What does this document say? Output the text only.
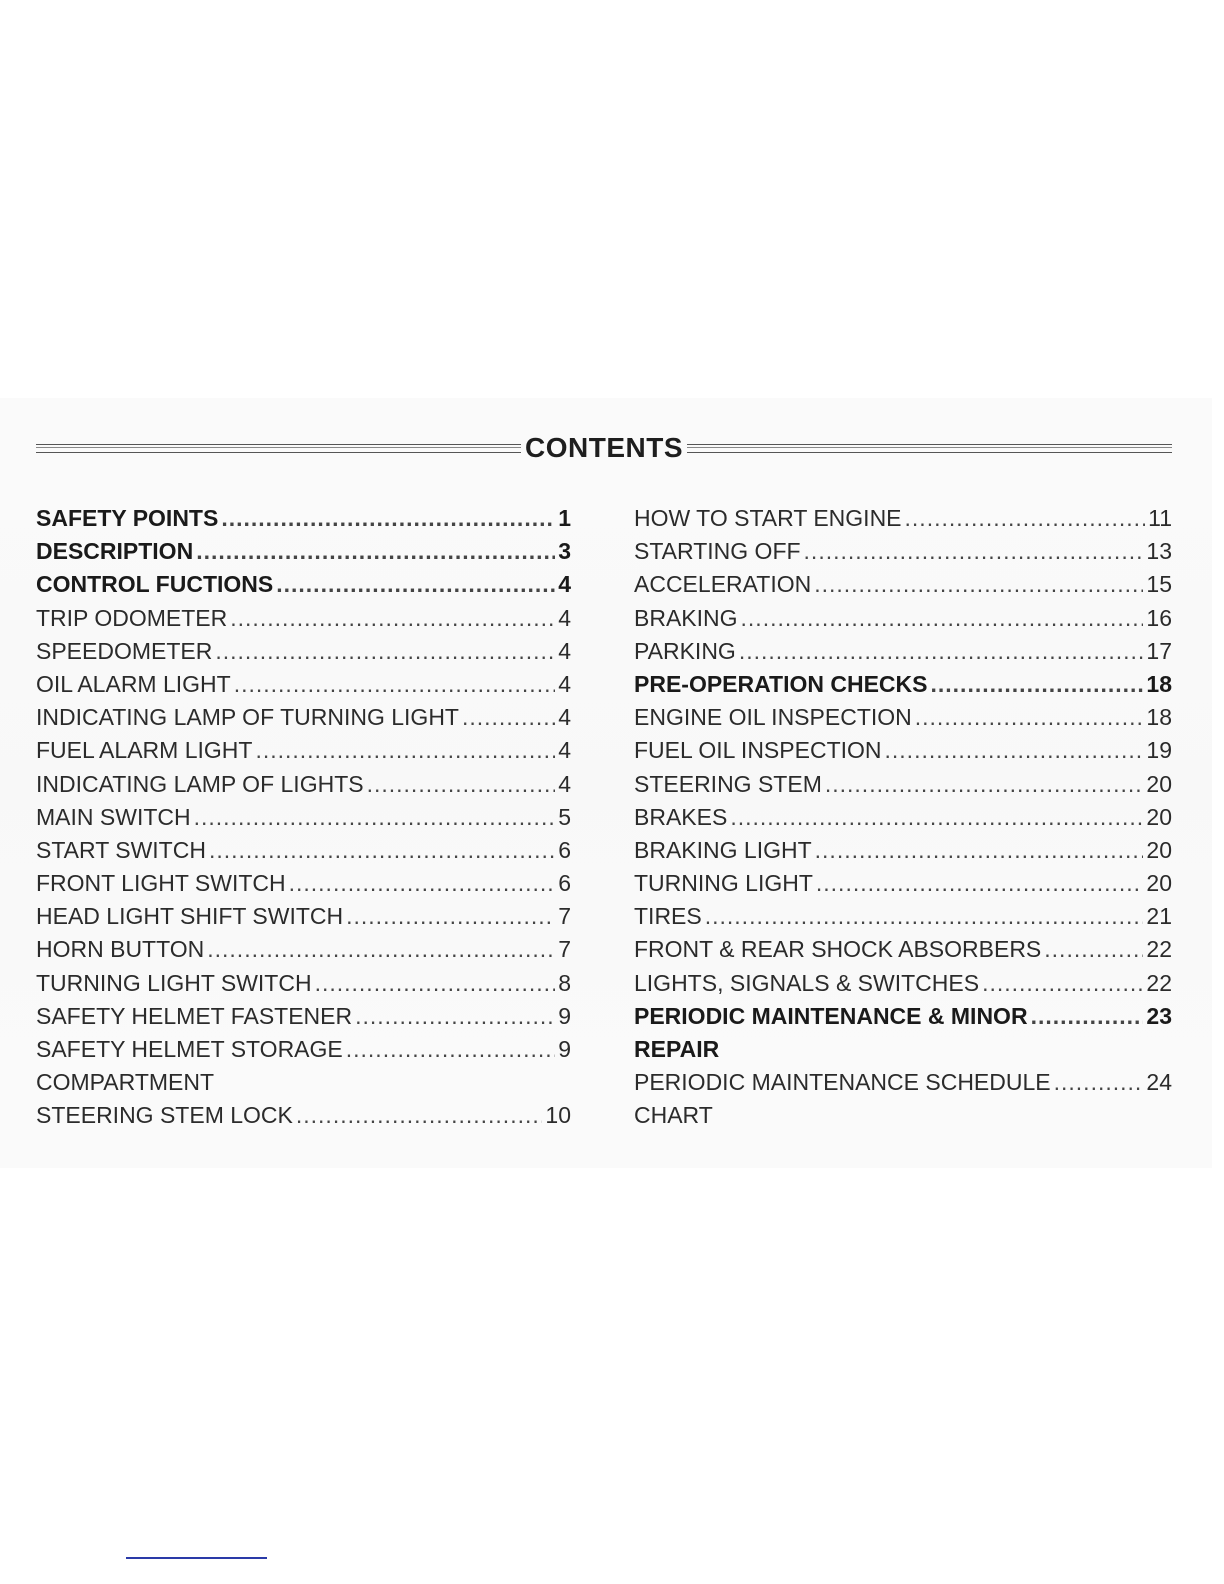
CONTENTS
SAFETY POINTS .....	1
DESCRIPTION .....	3
CONTROL FUCTIONS .....	4
TRIP ODOMETER .....	4
SPEEDOMETER .....	4
OIL ALARM LIGHT .....	4
INDICATING LAMP OF TURNING LIGHT .....	4
FUEL ALARM LIGHT .....	4
INDICATING LAMP OF LIGHTS .....	4
MAIN SWITCH .....	5
START SWITCH .....	6
FRONT LIGHT SWITCH .....	6
HEAD LIGHT SHIFT SWITCH .....	7
HORN BUTTON .....	7
TURNING LIGHT SWITCH .....	8
SAFETY HELMET FASTENER .....	9
SAFETY HELMET STORAGE .....	9
COMPARTMENT
STEERING STEM LOCK .....	10
HOW TO START ENGINE .....	11
STARTING OFF .....	13
ACCELERATION .....	15
BRAKING .....	16
PARKING .....	17
PRE-OPERATION CHECKS .....	18
ENGINE OIL INSPECTION .....	18
FUEL OIL INSPECTION .....	19
STEERING STEM .....	20
BRAKES .....	20
BRAKING LIGHT .....	20
TURNING LIGHT .....	20
TIRES .....	21
FRONT & REAR SHOCK ABSORBERS .....	22
LIGHTS, SIGNALS & SWITCHES .....	22
PERIODIC MAINTENANCE & MINOR .....	23
REPAIR
PERIODIC MAINTENANCE SCHEDULE .....	24
CHART
